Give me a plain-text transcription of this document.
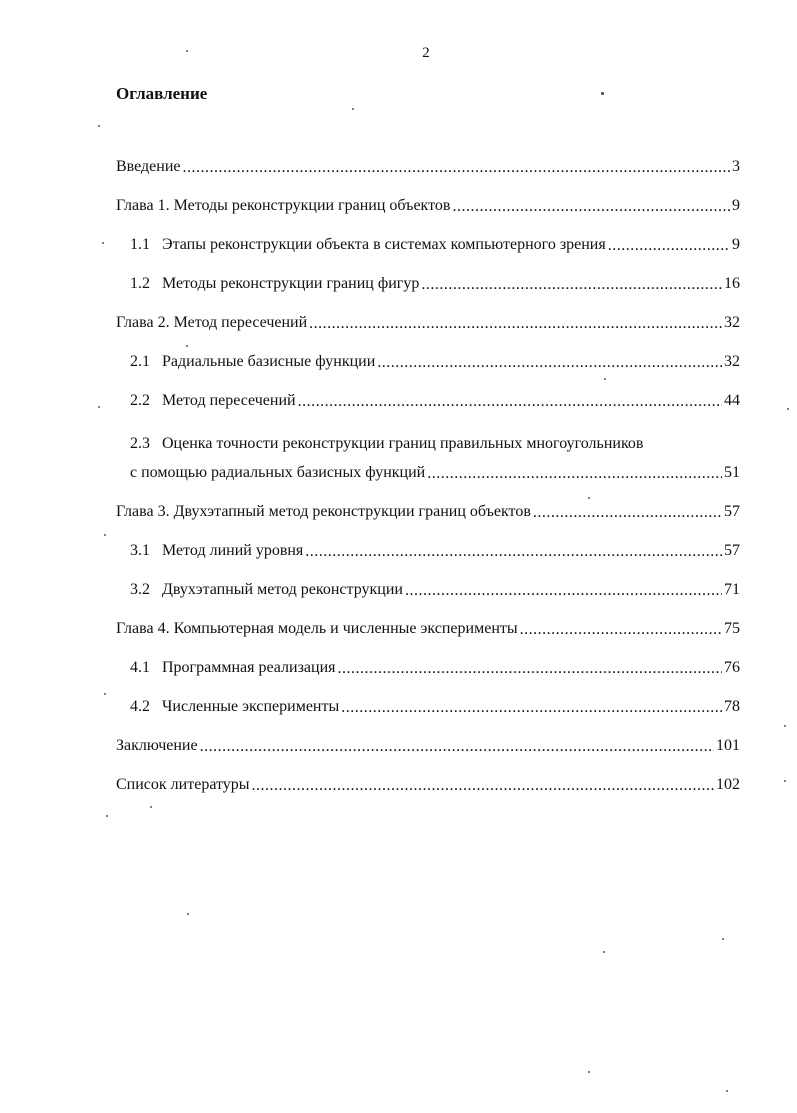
2
Оглавление
Введение .....	3
Глава 1. Методы реконструкции границ объектов .....	9
1.1 Этапы реконструкции объекта в системах компьютерного зрения .....	9
1.2 Методы реконструкции границ фигур .....	16
Глава 2. Метод пересечений .....	32
2.1 Радиальные базисные функции .....	32
2.2 Метод пересечений .....	44
2.3 Оценка точности реконструкции границ правильных многоугольников
с помощью радиальных базисных функций .....	51
Глава 3. Двухэтапный метод реконструкции границ объектов .....	57
3.1 Метод линий уровня .....	57
3.2 Двухэтапный метод реконструкции .....	71
Глава 4. Компьютерная модель и численные эксперименты .....	75
4.1 Программная реализация .....	76
4.2 Численные эксперименты .....	78
Заключение .....	101
Список литературы .....	102
